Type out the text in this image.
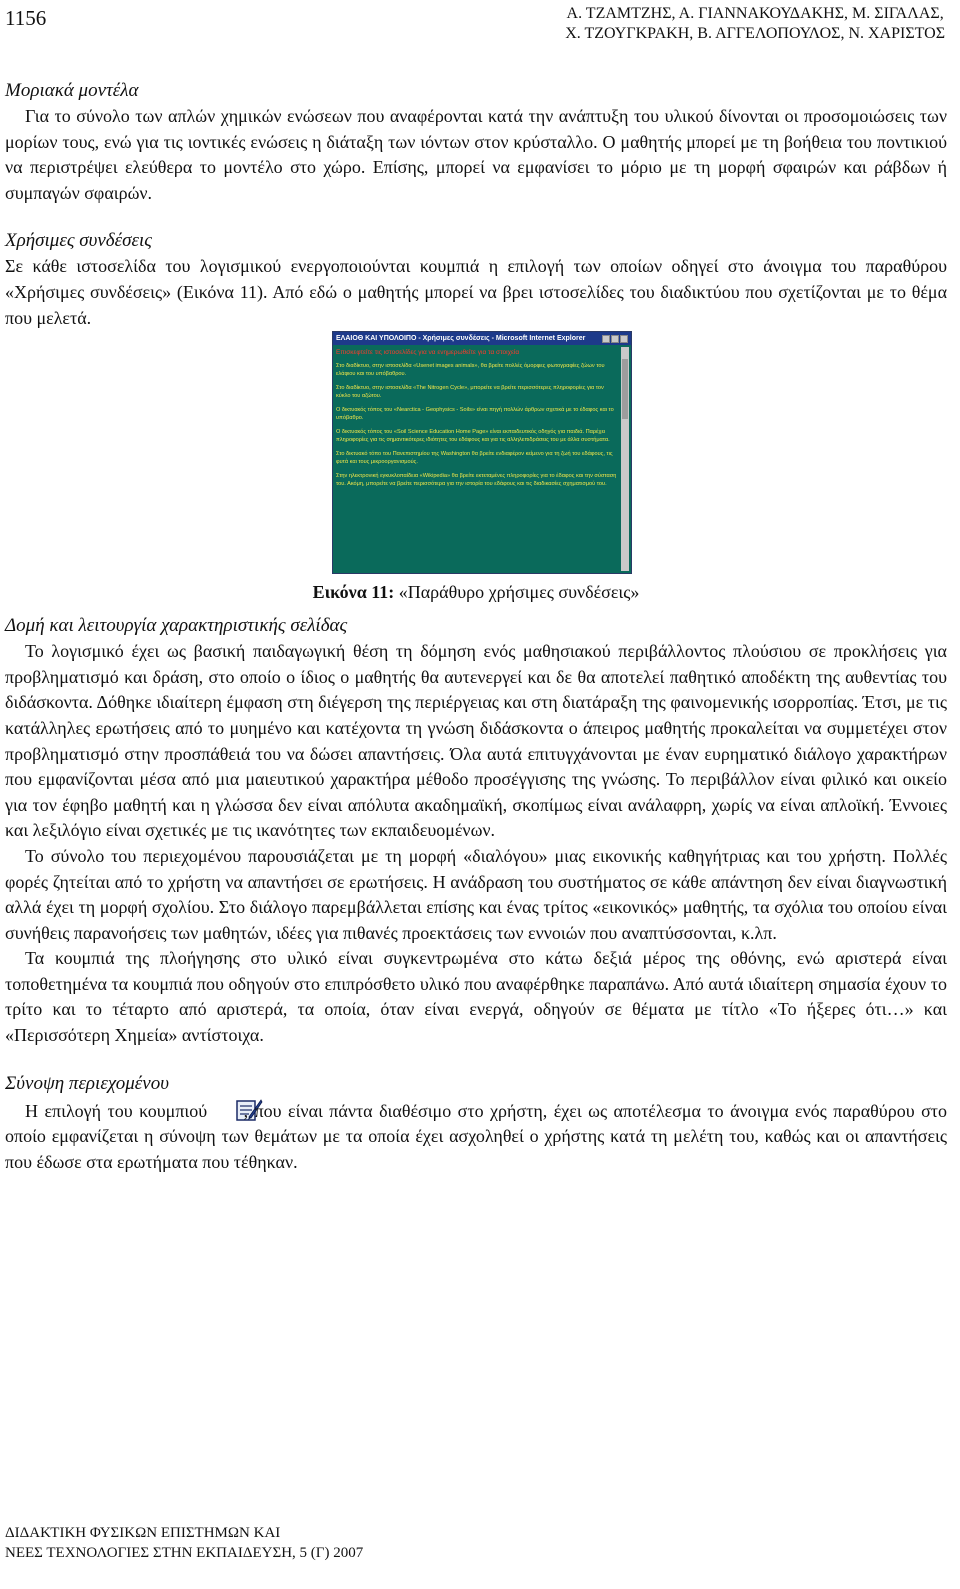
1156	Α. ΤΖΑΜΤΖΗΣ, Α. ΓΙΑΝΝΑΚΟΥΔΑΚΗΣ, Μ. ΣΙΓΑΛΑΣ,
Χ. ΤΖΟΥΓΚΡΑΚΗ, Β. ΑΓΓΕΛΟΠΟΥΛΟΣ, Ν. ΧΑΡΙΣΤΟΣ
Μοριακά μοντέλα

Για το σύνολο των απλών χημικών ενώσεων που αναφέρονται κατά την ανάπτυξη του υλικού δίνονται οι προσομοιώσεις των μορίων τους, ενώ για τις ιοντικές ενώσεις η διάταξη των ιόντων στον κρύσταλλο. Ο μαθητής μπορεί με τη βοήθεια του ποντικιού να περιστρέψει ελεύθερα το μοντέλο στο χώρο. Επίσης, μπορεί να εμφανίσει το μόριο με τη μορφή σφαιρών και ράβδων ή συμπαγών σφαιρών.

Χρήσιμες συνδέσεις

Σε κάθε ιστοσελίδα του λογισμικού ενεργοποιούνται κουμπιά η επιλογή των οποίων οδηγεί στο άνοιγμα του παραθύρου «Χρήσιμες συνδέσεις» (Εικόνα 11). Από εδώ ο μαθητής μπορεί να βρει ιστοσελίδες του διαδικτύου που σχετίζονται με το θέμα που μελετά.

ΕΛΑΙΟΘ ΚΑΙ ΥΠΟΛΟΙΠΟ - Χρήσιμες συνδέσεις - Microsoft Internet Explorer
Επισκεφτείτε τις ιστοσελίδες για να ενημερωθείτε για τα στοιχεία
Στο διαδίκτυο, στην ιστοσελίδα «Usenet images animals», θα βρείτε πολλές όμορφες φωτογραφίες ζώων του ελάφιου και του υπόβαθρου.
Στο διαδίκτυο, στην ιστοσελίδα «The Nitrogen Cycle», μπορείτε να βρείτε περισσότερες πληροφορίες για τον κύκλο του αζώτου.
Ο δικτυακός τόπος του «Nearctica - Geophysics - Soils» είναι πηγή πολλών άρθρων σχετικά με το έδαφος και το υπόβαθρο.
Ο δικτυακός τόπος του «Soil Science Education Home Page» είναι εκπαιδευτικός οδηγός για παιδιά. Παρέχει πληροφορίες για τις σημαντικότερες ιδιότητες του εδάφους και για τις αλληλεπιδράσεις του με άλλα συστήματα.
Στο δικτυακό τόπο του Πανεπιστημίου της Washington θα βρείτε ενδιαφέρον κείμενο για τη ζωή του εδάφους, τις φυτά και τους μικροοργανισμούς.
Στην ηλεκτρονική εγκυκλοπαίδεια «Wikipedia» θα βρείτε εκτεταμένες πληροφορίες για το έδαφος και την σύσταση του. Ακόμη, μπορείτε να βρείτε περισσότερα για την ιστορία του εδάφους και τις διαδικασίες σχηματισμού του.
Εικόνα 11: «Παράθυρο χρήσιμες συνδέσεις»
Δομή και λειτουργία χαρακτηριστικής σελίδας

Το λογισμικό έχει ως βασική παιδαγωγική θέση τη δόμηση ενός μαθησιακού περιβάλλοντος πλούσιου σε προκλήσεις για προβληματισμό και δράση, στο οποίο ο ίδιος ο μαθητής θα αυτενεργεί και δε θα αποτελεί παθητικό αποδέκτη της αυθεντίας του διδάσκοντα. Δόθηκε ιδιαίτερη έμφαση στη διέγερση της περιέργειας και στη διατάραξη της φαινομενικής ισορροπίας. Έτσι, με τις κατάλληλες ερωτήσεις από το μυημένο και κατέχοντα τη γνώση διδάσκοντα ο άπειρος μαθητής προκαλείται να συμμετέχει στον προβληματισμό στην προσπάθειά του να δώσει απαντήσεις. Όλα αυτά επιτυγχάνονται με έναν ευρηματικό διάλογο χαρακτήρων που εμφανίζονται μέσα από μια μαιευτικού χαρακτήρα μέθοδο προσέγγισης της γνώσης. Το περιβάλλον είναι φιλικό και οικείο για τον έφηβο μαθητή και η γλώσσα δεν είναι απόλυτα ακαδημαϊκή, σκοπίμως είναι ανάλαφρη, χωρίς να είναι απλοϊκή. Έννοιες και λεξιλόγιο είναι σχετικές με τις ικανότητες των εκπαιδευομένων.

Το σύνολο του περιεχομένου παρουσιάζεται με τη μορφή «διαλόγου» μιας εικονικής καθηγήτριας και του χρήστη. Πολλές φορές ζητείται από το χρήστη να απαντήσει σε ερωτήσεις. Η ανάδραση του συστήματος σε κάθε απάντηση δεν είναι διαγνωστική αλλά έχει τη μορφή σχολίου. Στο διάλογο παρεμβάλλεται επίσης και ένας τρίτος «εικονικός» μαθητής, τα σχόλια του οποίου είναι συνήθεις παρανοήσεις των μαθητών, ιδέες για πιθανές προεκτάσεις των εννοιών που αναπτύσσονται, κ.λπ.

Τα κουμπιά της πλοήγησης στο υλικό είναι συγκεντρωμένα στο κάτω δεξιά μέρος της οθόνης, ενώ αριστερά είναι τοποθετημένα τα κουμπιά που οδηγούν στο επιπρόσθετο υλικό που αναφέρθηκε παραπάνω. Από αυτά ιδιαίτερη σημασία έχουν το τρίτο και το τέταρτο από αριστερά, τα οποία, όταν είναι ενεργά, οδηγούν σε θέματα με τίτλο «Το ήξερες ότι…» και «Περισσότερη Χημεία» αντίστοιχα.

Σύνοψη περιεχομένου

Η επιλογή του κουμπιού , που είναι πάντα διαθέσιμο στο χρήστη, έχει ως αποτέλεσμα το άνοιγμα ενός παραθύρου στο οποίο εμφανίζεται η σύνοψη των θεμάτων με τα οποία έχει ασχοληθεί ο χρήστης κατά τη μελέτη του, καθώς και οι απαντήσεις που έδωσε στα ερωτήματα που τέθηκαν.

ΔΙΔΑΚΤΙΚΗ ΦΥΣΙΚΩΝ ΕΠΙΣΤΗΜΩΝ ΚΑΙ
ΝΕΕΣ ΤΕΧΝΟΛΟΓΙΕΣ ΣΤΗΝ ΕΚΠΑΙΔΕΥΣΗ, 5 (Γ) 2007
